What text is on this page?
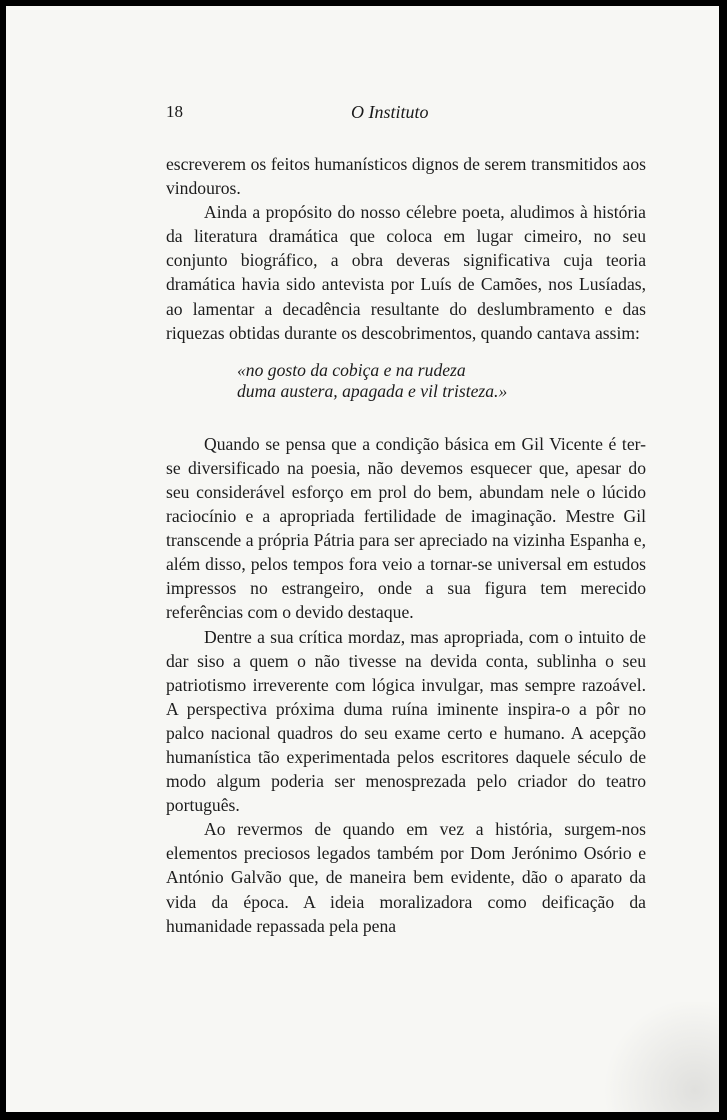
18	O Instituto

escreverem os feitos humanísticos dignos de serem transmitidos aos vindouros.

Ainda a propósito do nosso célebre poeta, aludimos à história da literatura dramática que coloca em lugar cimeiro, no seu conjunto biográfico, a obra deveras significativa cuja teoria dramática havia sido antevista por Luís de Camões, nos Lusíadas, ao lamentar a decadência resultante do deslumbramento e das riquezas obtidas durante os descobrimentos, quando cantava assim:

«no gosto da cobiça e na rudeza
duma austera, apagada e vil tristeza.»

Quando se pensa que a condição básica em Gil Vicente é ter-se diversificado na poesia, não devemos esquecer que, apesar do seu considerável esforço em prol do bem, abundam nele o lúcido raciocínio e a apropriada fertilidade de imaginação. Mestre Gil transcende a própria Pátria para ser apreciado na vizinha Espanha e, além disso, pelos tempos fora veio a tornar-se universal em estudos impressos no estrangeiro, onde a sua figura tem merecido referências com o devido destaque.

Dentre a sua crítica mordaz, mas apropriada, com o intuito de dar siso a quem o não tivesse na devida conta, sublinha o seu patriotismo irreverente com lógica invulgar, mas sempre razoável. A perspectiva próxima duma ruína iminente inspira-o a pôr no palco nacional quadros do seu exame certo e humano. A acepção humanística tão experimentada pelos escritores daquele século de modo algum poderia ser menosprezada pelo criador do teatro português.

Ao revermos de quando em vez a história, surgem-nos elementos preciosos legados também por Dom Jerónimo Osório e António Galvão que, de maneira bem evidente, dão o aparato da vida da época. A ideia moralizadora como deificação da humanidade repassada pela pena
